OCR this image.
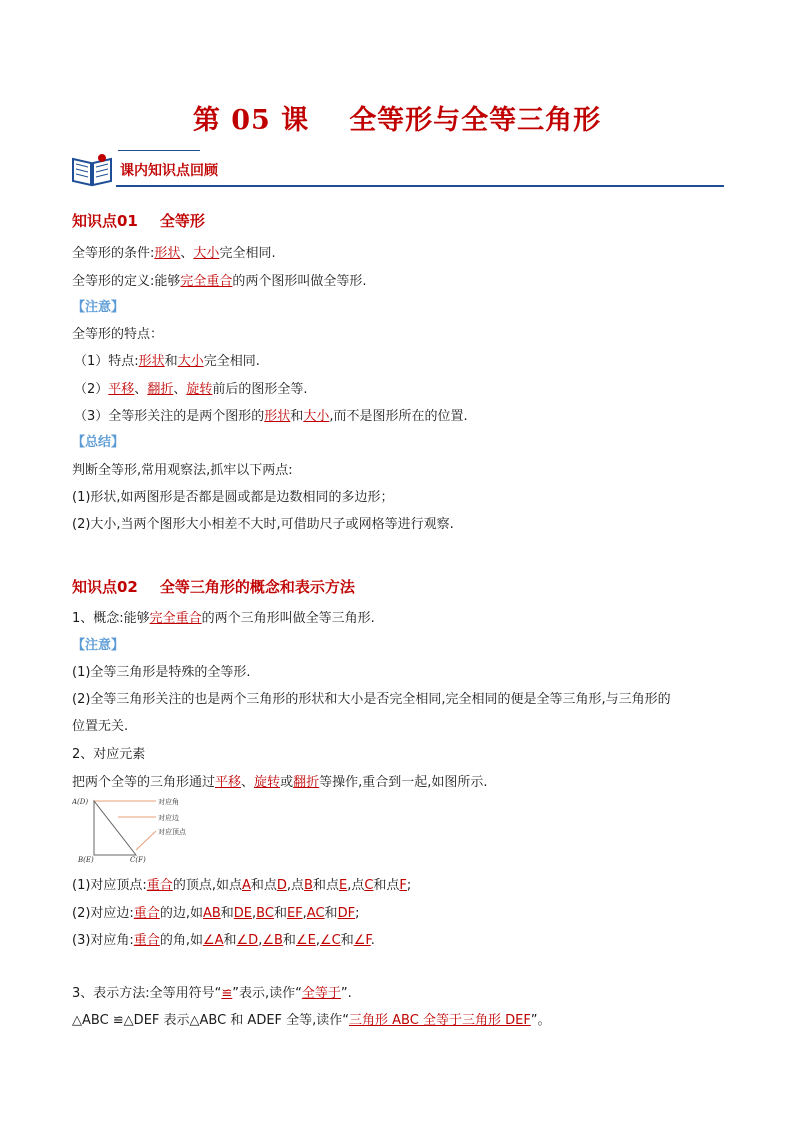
第 05 课 全等形与全等三角形
课内知识点回顾
知识点01 全等形
全等形的条件:形状、大小完全相同.
全等形的定义:能够完全重合的两个图形叫做全等形.
【注意】
全等形的特点：
（1）特点:形状和大小完全相同.
（2）平移、翻折、旋转前后的图形全等.
（3）全等形关注的是两个图形的形状和大小,而不是图形所在的位置.
【总结】
判断全等形,常用观察法,抓牢以下两点:
(1)形状,如两图形是否都是圆或都是边数相同的多边形；
(2)大小,当两个图形大小相差不大时,可借助尺子或网格等进行观察.
知识点02 全等三角形的概念和表示方法
1、概念:能够完全重合的两个三角形叫做全等三角形.
【注意】
(1)全等三角形是特殊的全等形.
(2)全等三角形关注的也是两个三角形的形状和大小是否完全相同,完全相同的便是全等三角形,与三角形的
位置无关.
2、对应元素
把两个全等的三角形通过平移、旋转或翻折等操作,重合到一起,如图所示.
A(D)
B(E)	C(F)
对应角
对应边
对应顶点
(1)对应顶点:重合的顶点,如点A和点D,点B和点E,点C和点F;
(2)对应边:重合的边,如AB和DE,BC和EF,AC和DF;
(3)对应角:重合的角,如∠A和∠D,∠B和∠E,∠C和∠F.
3、表示方法:全等用符号“≌”表示,读作“全等于”.
△ABC ≌△DEF 表示△ABC 和 ADEF 全等,读作“三角形 ABC 全等于三角形 DEF”。
